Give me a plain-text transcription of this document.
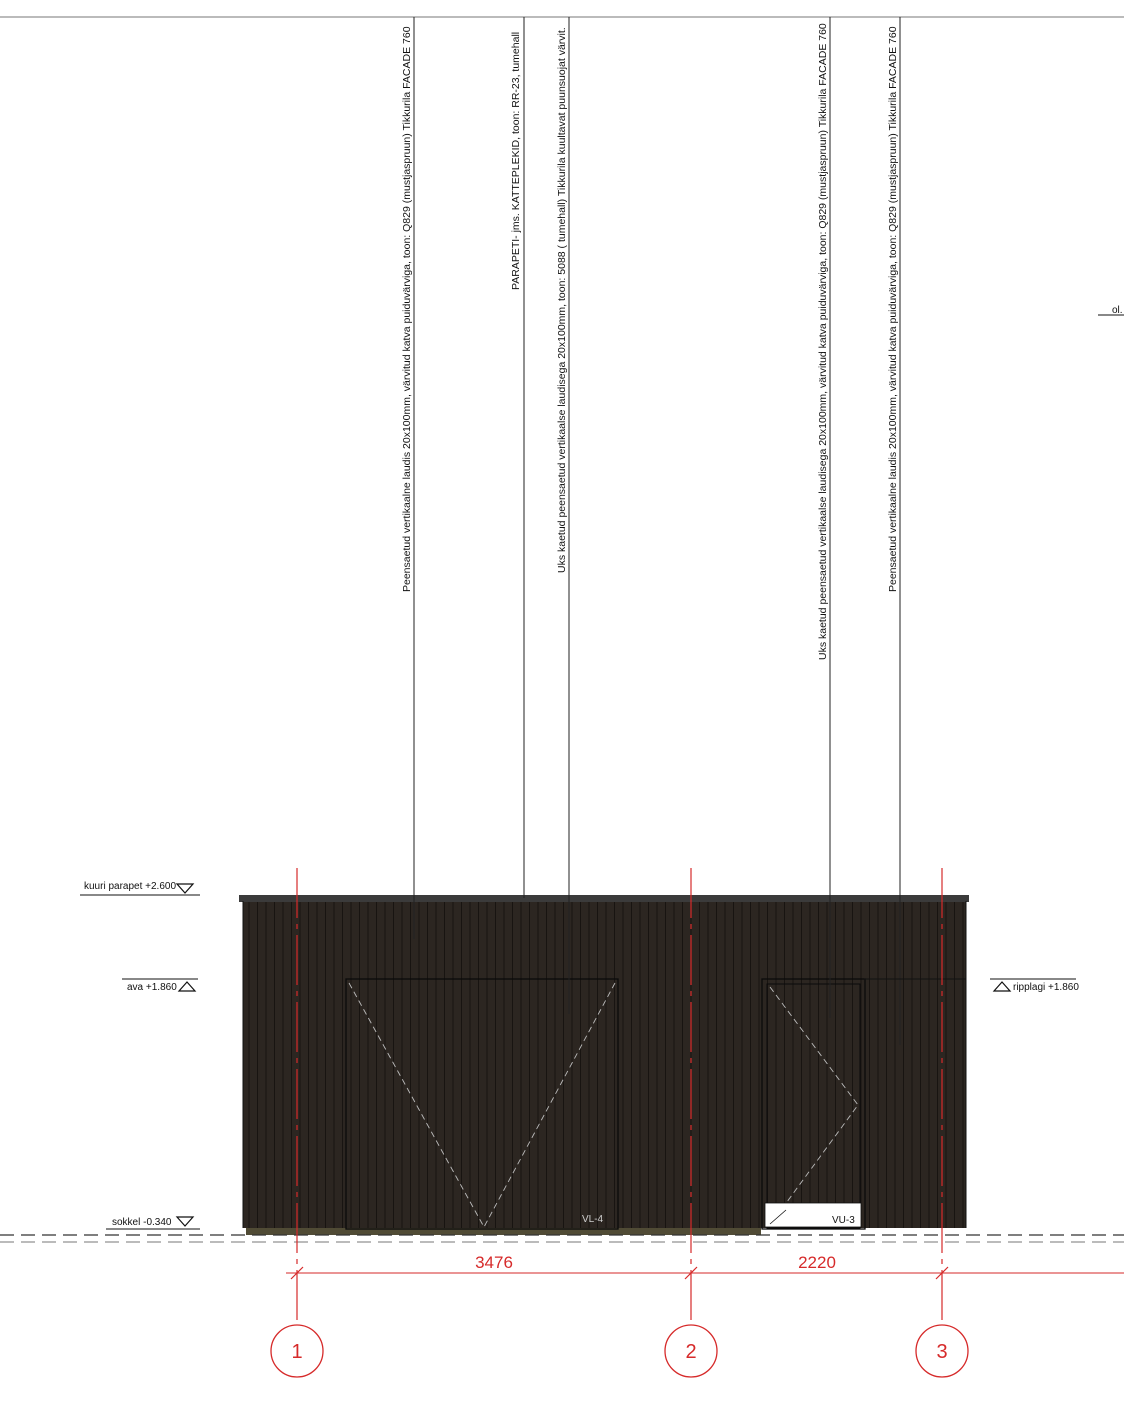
ol.
VL-4	VU-3
Peensaetud vertikaalne laudis 20x100mm, värvitud katva puiduvärviga, toon: Q829 (mustjaspruun) Tikkurila FACADE 760	PARAPETI- jms. KATTEPLEKID, toon: RR-23, tumehall	Uks kaetud peensaetud vertikaalse laudisega 20x100mm, toon: 5088 ( tumehall) Tikkurila kuultavat puunsuojat värvit.	Uks kaetud peensaetud vertikaalse laudisega 20x100mm, värvitud katva puiduvärviga, toon: Q829 (mustjaspruun) Tikkurila FACADE 760	Peensaetud vertikaalne laudis 20x100mm, värvitud katva puiduvärviga, toon: Q829 (mustjaspruun) Tikkurila FACADE 760
kuuri parapet +2.600
ava +1.860
sokkel -0.340
ripplagi +1.860
1	2	3
3476	2220
